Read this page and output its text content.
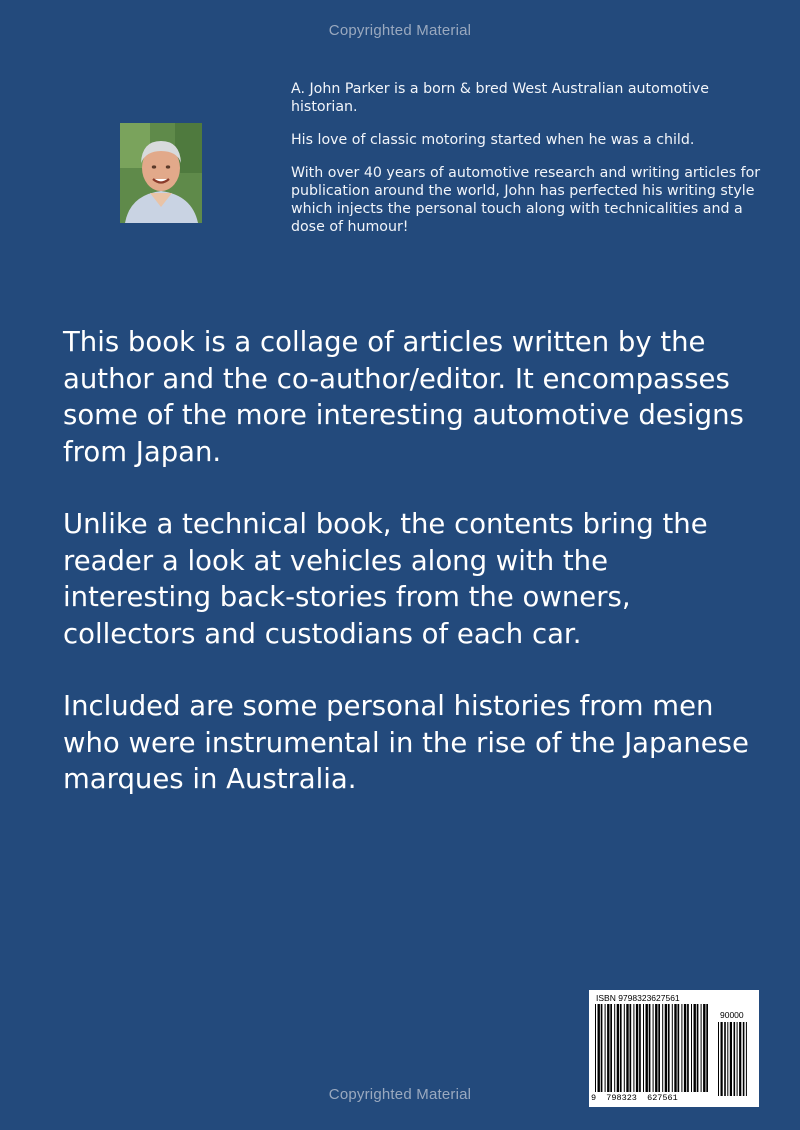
Copyrighted Material

A. John Parker is a born & bred West Australian automotive historian.

His love of classic motoring started when he was a child.

With over 40 years of automotive research and writing articles for publication around the world, John has perfected his writing style which injects the personal touch along with technicalities and a dose of humour!

This book is a collage of articles written by the author and the co-author/editor. It encompasses some of the more interesting automotive designs from Japan.

Unlike a technical book, the contents bring the reader a look at vehicles along with the interesting back-stories from the owners, collectors and custodians of each car.

Included are some personal histories from men who were instrumental in the rise of the Japanese marques in Australia.

ISBN 9798323627561
90000
9  798323  627561
Copyrighted Material
